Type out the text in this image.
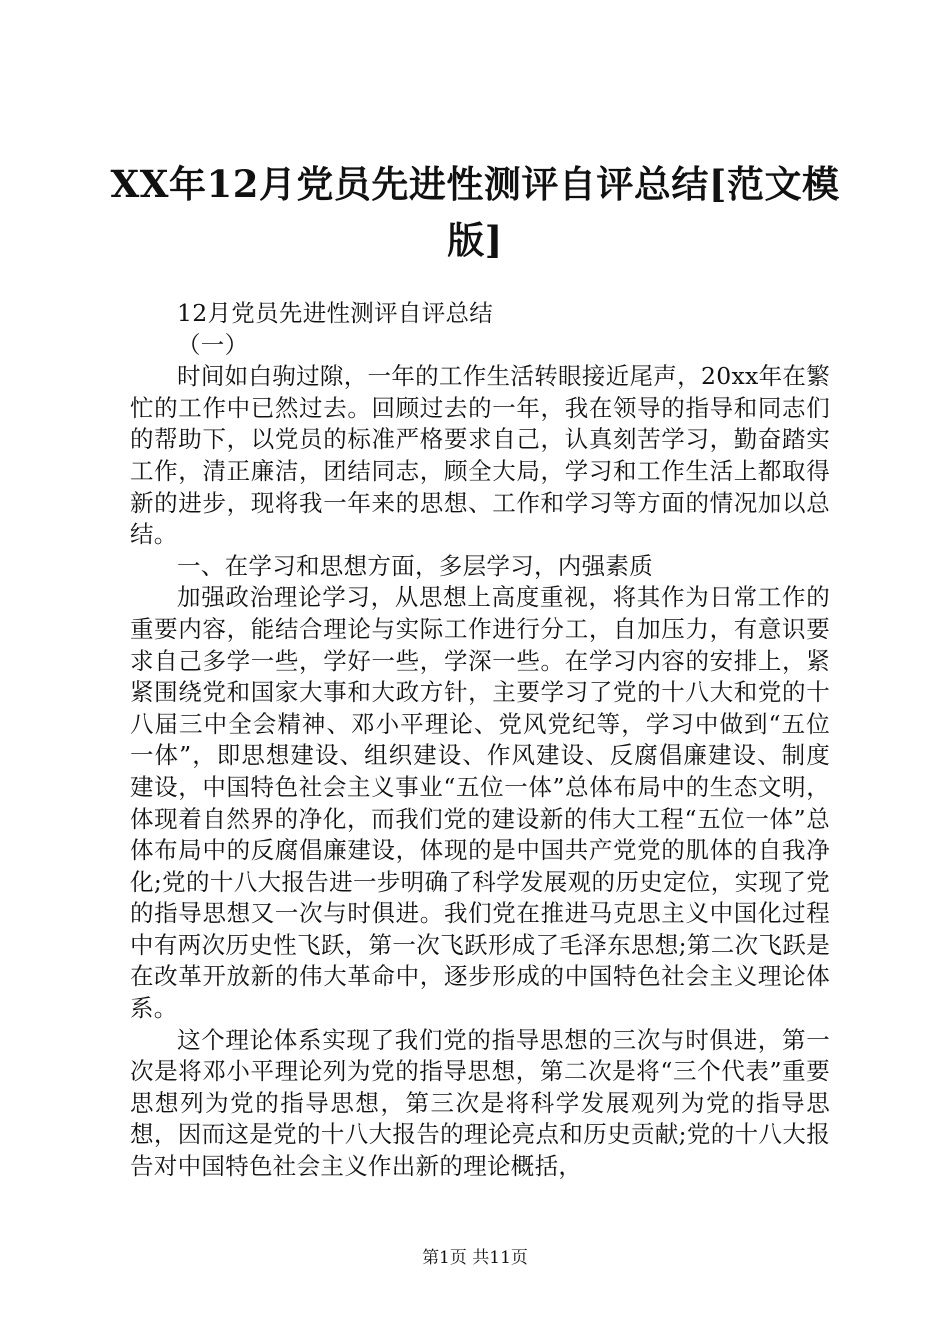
XX年12月党员先进性测评自评总结[范文模版]

12月党员先进性测评自评总结

（一）

时间如白驹过隙，一年的工作生活转眼接近尾声，20xx年在繁忙的工作中已然过去。回顾过去的一年，我在领导的指导和同志们的帮助下，以党员的标准严格要求自己，认真刻苦学习，勤奋踏实工作，清正廉洁，团结同志，顾全大局，学习和工作生活上都取得新的进步，现将我一年来的思想、工作和学习等方面的情况加以总结。

一、在学习和思想方面，多层学习，内强素质

加强政治理论学习，从思想上高度重视，将其作为日常工作的重要内容，能结合理论与实际工作进行分工，自加压力，有意识要求自己多学一些，学好一些，学深一些。在学习内容的安排上，紧紧围绕党和国家大事和大政方针，主要学习了党的十八大和党的十八届三中全会精神、邓小平理论、党风党纪等，学习中做到“五位一体”，即思想建设、组织建设、作风建设、反腐倡廉建设、制度建设，中国特色社会主义事业“五位一体”总体布局中的生态文明，体现着自然界的净化，而我们党的建设新的伟大工程“五位一体”总体布局中的反腐倡廉建设，体现的是中国共产党党的肌体的自我净化;党的十八大报告进一步明确了科学发展观的历史定位，实现了党的指导思想又一次与时俱进。我们党在推进马克思主义中国化过程中有两次历史性飞跃，第一次飞跃形成了毛泽东思想;第二次飞跃是在改革开放新的伟大革命中，逐步形成的中国特色社会主义理论体系。

这个理论体系实现了我们党的指导思想的三次与时俱进，第一次是将邓小平理论列为党的指导思想，第二次是将“三个代表”重要思想列为党的指导思想，第三次是将科学发展观列为党的指导思想，因而这是党的十八大报告的理论亮点和历史贡献;党的十八大报告对中国特色社会主义作出新的理论概括，

第1页 共11页
